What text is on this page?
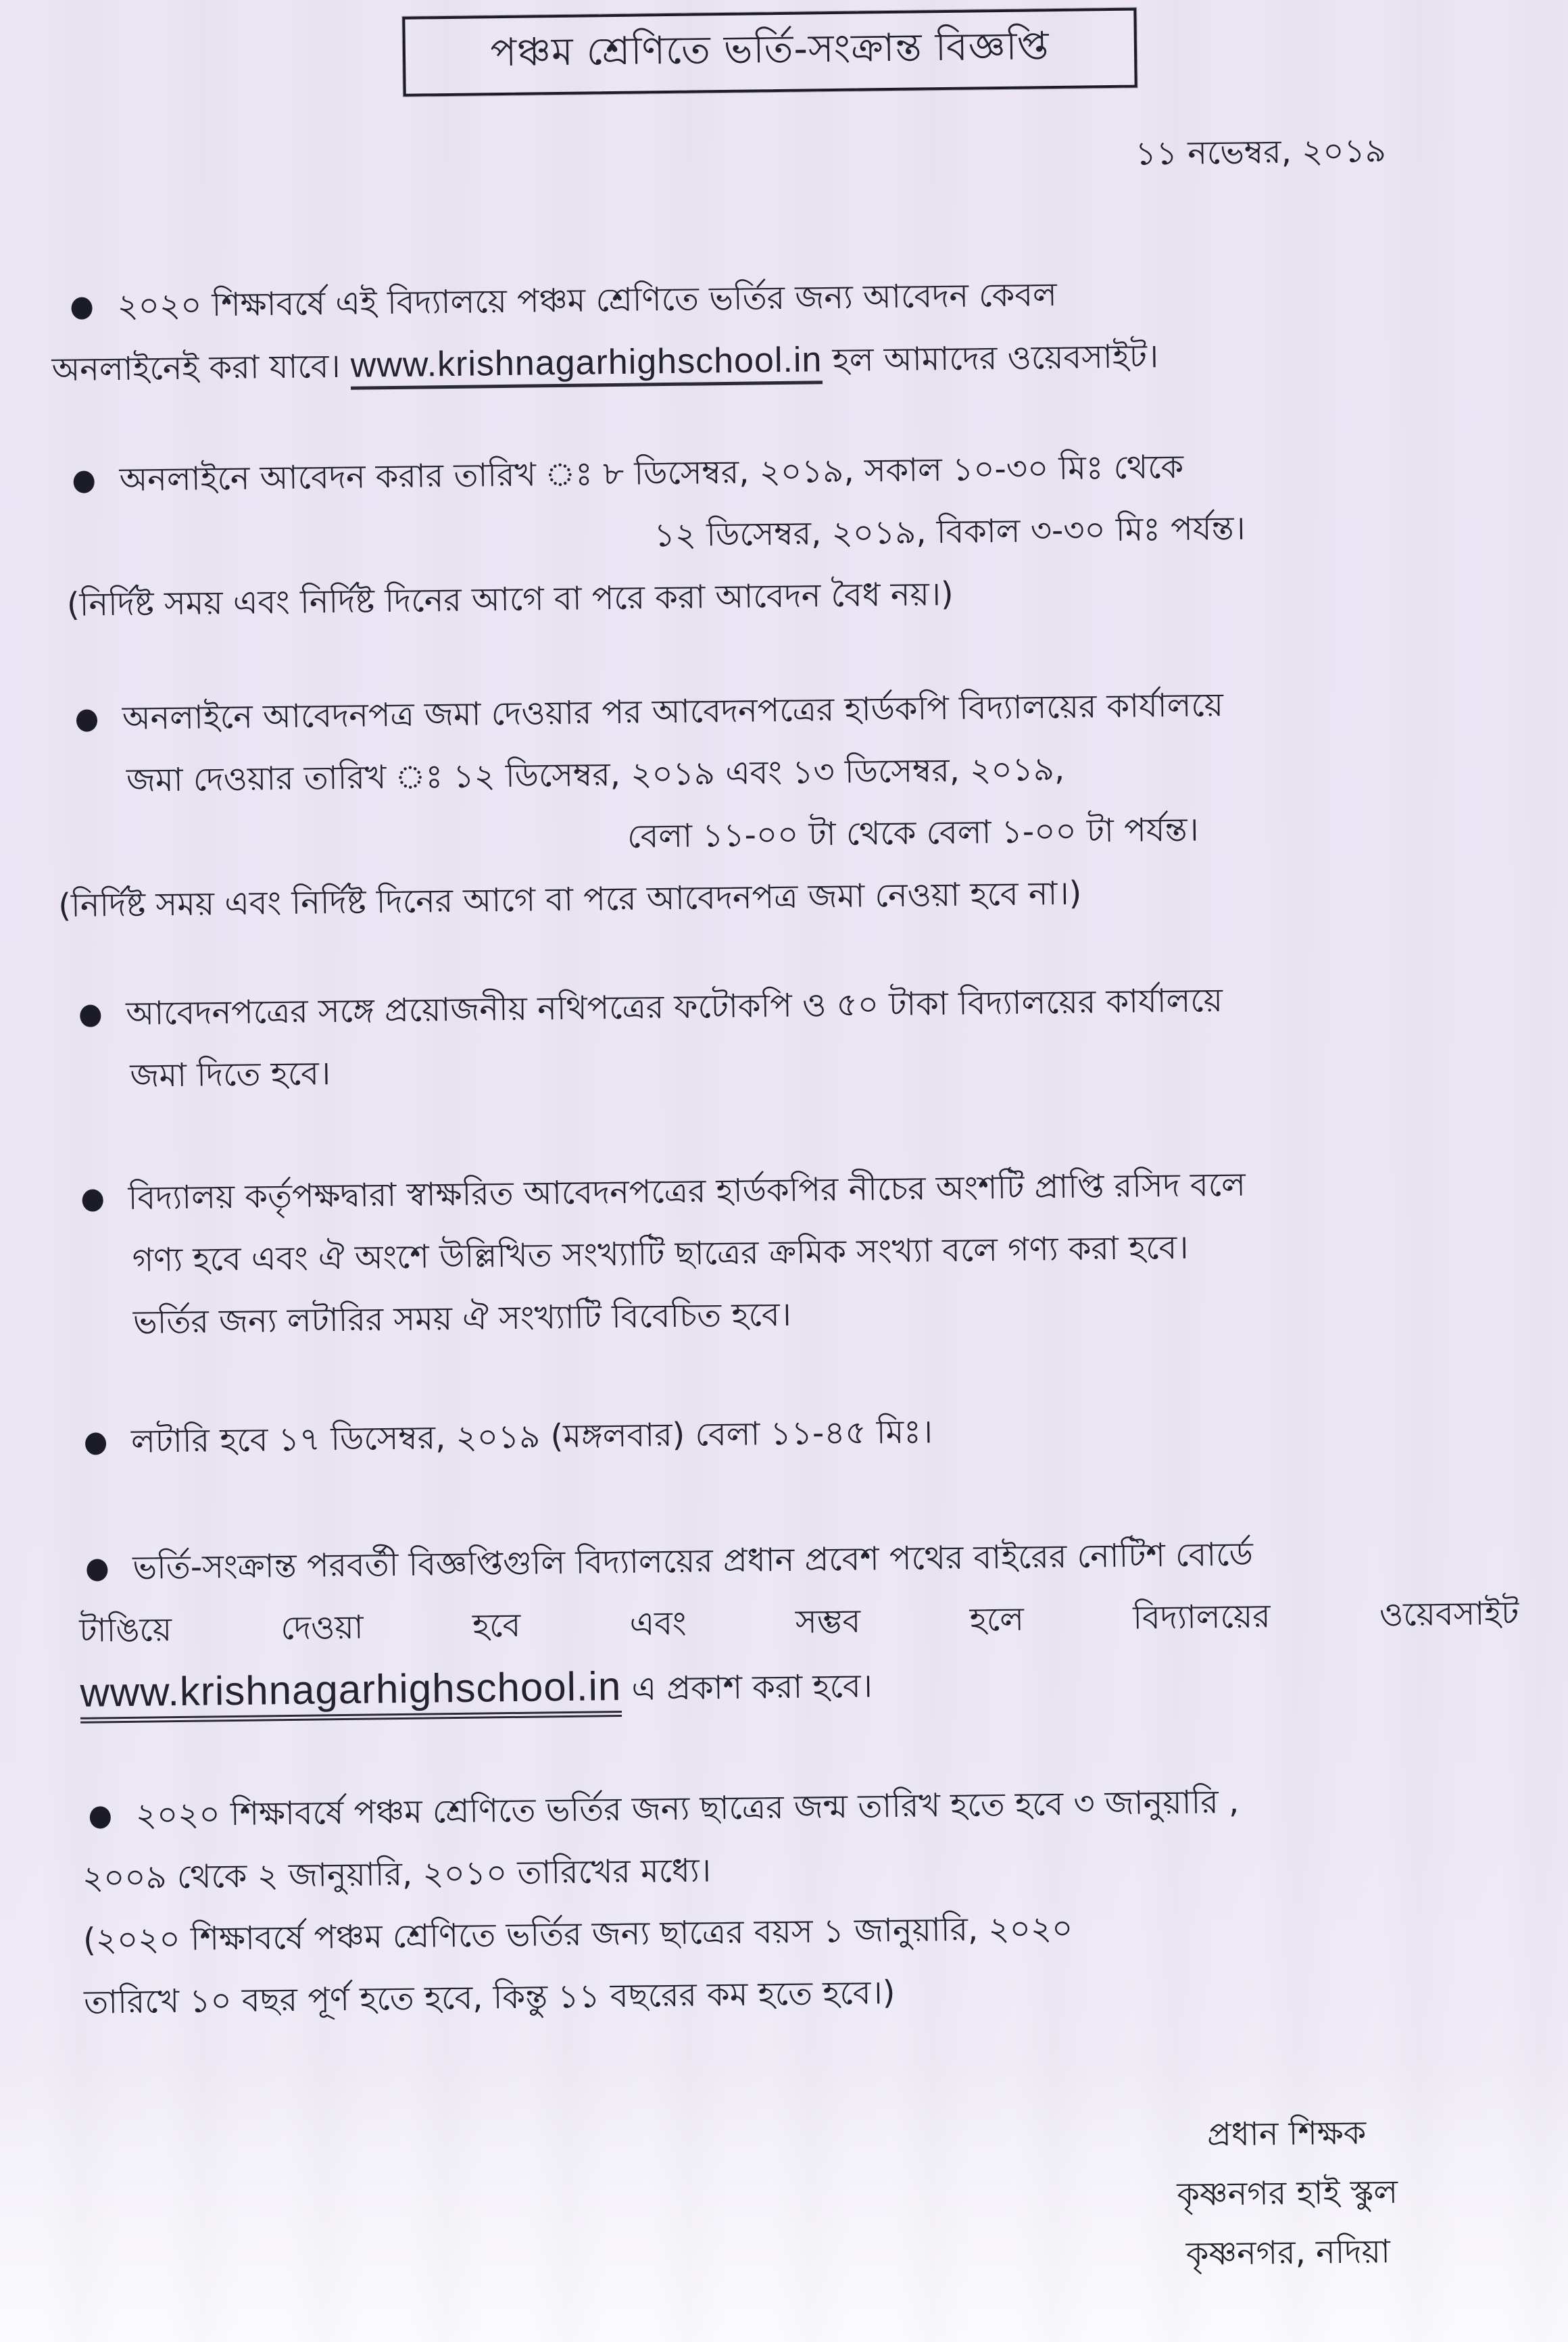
পঞ্চম শ্রেণিতে ভর্তি-সংক্রান্ত বিজ্ঞপ্তি
১১ নভেম্বর, ২০১৯
২০২০ শিক্ষাবর্ষে এই বিদ্যালয়ে পঞ্চম শ্রেণিতে ভর্তির জন্য আবেদন কেবল
অনলাইনেই করা যাবে। www.krishnagarhighschool.in হল আমাদের ওয়েবসাইট।
অনলাইনে আবেদন করার তারিখ ঃ ৮ ডিসেম্বর, ২০১৯, সকাল ১০-৩০ মিঃ থেকে
১২ ডিসেম্বর, ২০১৯, বিকাল ৩-৩০ মিঃ পর্যন্ত।
(নির্দিষ্ট সময় এবং নির্দিষ্ট দিনের আগে বা পরে করা আবেদন বৈধ নয়।)
অনলাইনে আবেদনপত্র জমা দেওয়ার পর আবেদনপত্রের হার্ডকপি বিদ্যালয়ের কার্যালয়ে
জমা দেওয়ার তারিখ ঃ ১২ ডিসেম্বর, ২০১৯ এবং ১৩ ডিসেম্বর, ২০১৯,
বেলা ১১-০০ টা থেকে বেলা ১-০০ টা পর্যন্ত।
(নির্দিষ্ট সময় এবং নির্দিষ্ট দিনের আগে বা পরে আবেদনপত্র জমা নেওয়া হবে না।)
আবেদনপত্রের সঙ্গে প্রয়োজনীয় নথিপত্রের ফটোকপি ও ৫০ টাকা বিদ্যালয়ের কার্যালয়ে
জমা দিতে হবে।
বিদ্যালয় কর্তৃপক্ষদ্বারা স্বাক্ষরিত আবেদনপত্রের হার্ডকপির নীচের অংশটি প্রাপ্তি রসিদ বলে
গণ্য হবে এবং ঐ অংশে উল্লিখিত সংখ্যাটি ছাত্রের ক্রমিক সংখ্যা বলে গণ্য করা হবে।
ভর্তির জন্য লটারির সময় ঐ সংখ্যাটি বিবেচিত হবে।
লটারি হবে ১৭ ডিসেম্বর, ২০১৯ (মঙ্গলবার) বেলা ১১-৪৫ মিঃ।
ভর্তি-সংক্রান্ত পরবর্তী বিজ্ঞপ্তিগুলি বিদ্যালয়ের প্রধান প্রবেশ পথের বাইরের নোটিশ বোর্ডে
টাঙিয়ে দেওয়া হবে এবং সম্ভব হলে বিদ্যালয়ের ওয়েবসাইট
www.krishnagarhighschool.in এ প্রকাশ করা হবে।
২০২০ শিক্ষাবর্ষে পঞ্চম শ্রেণিতে ভর্তির জন্য ছাত্রের জন্ম তারিখ হতে হবে ৩ জানুয়ারি ,
২০০৯ থেকে ২ জানুয়ারি, ২০১০ তারিখের মধ্যে।
(২০২০ শিক্ষাবর্ষে পঞ্চম শ্রেণিতে ভর্তির জন্য ছাত্রের বয়স ১ জানুয়ারি, ২০২০
তারিখে ১০ বছর পূর্ণ হতে হবে, কিন্তু ১১ বছরের কম হতে হবে।)
প্রধান শিক্ষক
কৃষ্ণনগর হাই স্কুল
কৃষ্ণনগর, নদিয়া
